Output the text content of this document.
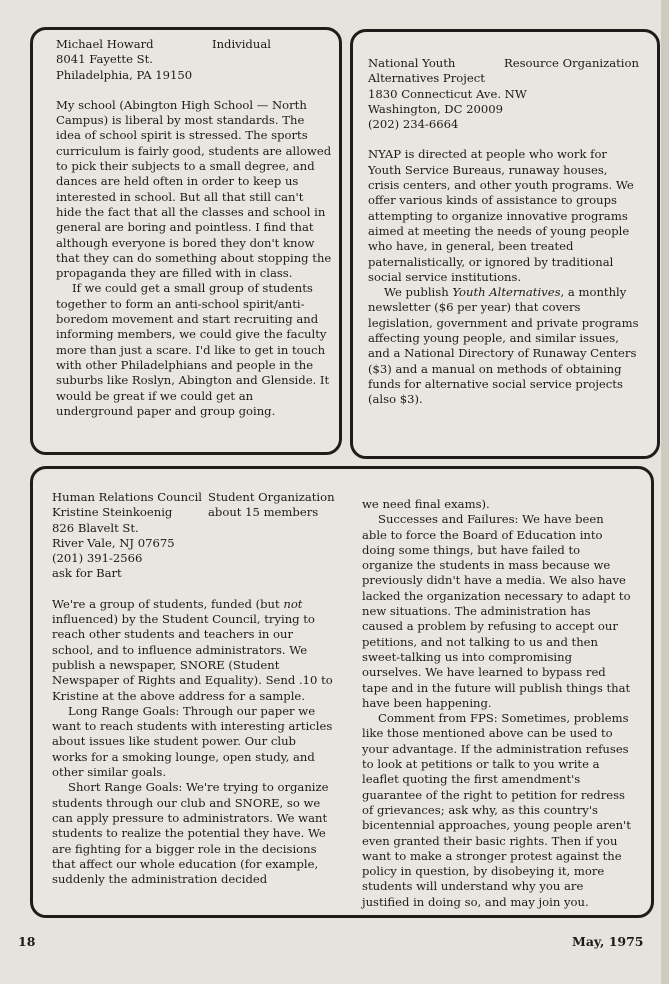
Michael Howard
8041 Fayette St.
Philadelphia, PA 19150
Individual

My school (Abington High School — North Campus) is liberal by most standards. The idea of school spirit is stressed. The sports curriculum is fairly good, students are allowed to pick their subjects to a small degree, and dances are held often in order to keep us interested in school. But all that still can't hide the fact that all the classes and school in general are boring and pointless. I find that although everyone is bored they don't know that they can do something about stopping the propaganda they are filled with in class.

If we could get a small group of students together to form an anti-school spirit/anti-boredom movement and start recruiting and informing members, we could give the faculty more than just a scare. I'd like to get in touch with other Philadelphians and people in the suburbs like Roslyn, Abington and Glenside. It would be great if we could get an underground paper and group going.

National Youth
Alternatives Project
1830 Connecticut Ave. NW
Washington, DC 20009
(202) 234-6664
Resource Organization

NYAP is directed at people who work for Youth Service Bureaus, runaway houses, crisis centers, and other youth programs. We offer various kinds of assistance to groups attempting to organize innovative programs aimed at meeting the needs of young people who have, in general, been treated paternalistically, or ignored by traditional social service institutions.

We publish Youth Alternatives, a monthly newsletter ($6 per year) that covers legislation, government and private programs affecting young people, and similar issues, and a National Directory of Runaway Centers ($3) and a manual on methods of obtaining funds for alternative social service projects (also $3).

Human Relations Council
Kristine Steinkoenig
826 Blavelt St.
River Vale, NJ 07675
(201) 391-2566
ask for Bart
Student Organization
about 15 members

We're a group of students, funded (but not influenced) by the Student Council, trying to reach other students and teachers in our school, and to influence administrators. We publish a newspaper, SNORE (Student Newspaper of Rights and Equality). Send .10 to Kristine at the above address for a sample.

Long Range Goals: Through our paper we want to reach students with interesting articles about issues like student power. Our club works for a smoking lounge, open study, and other similar goals.

Short Range Goals: We're trying to organize students through our club and SNORE, so we can apply pressure to administrators. We want students to realize the potential they have. We are fighting for a bigger role in the decisions that affect our whole education (for example, suddenly the administration decided

we need final exams).

Successes and Failures: We have been able to force the Board of Education into doing some things, but have failed to organize the students in mass because we previously didn't have a media. We also have lacked the organization necessary to adapt to new situations. The administration has caused a problem by refusing to accept our petitions, and not talking to us and then sweet-talking us into compromising ourselves. We have learned to bypass red tape and in the future will publish things that have been happening.

Comment from FPS: Sometimes, problems like those mentioned above can be used to your advantage. If the administration refuses to look at petitions or talk to you write a leaflet quoting the first amendment's guarantee of the right to petition for redress of grievances; ask why, as this country's bicentennial approaches, young people aren't even granted their basic rights. Then if you want to make a stronger protest against the policy in question, by disobeying it, more students will understand why you are justified in doing so, and may join you.

18	May, 1975
